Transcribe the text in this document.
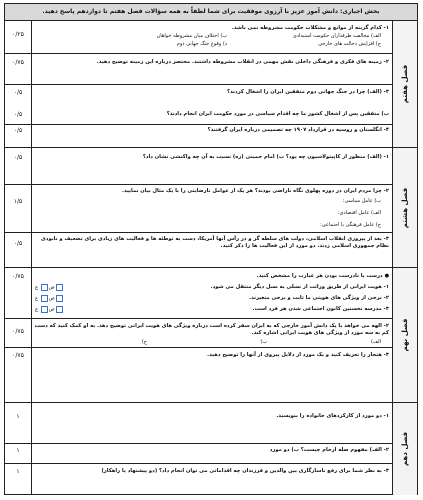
بخش اجباری: دانش آموز عزیز با آرزوی موفقیت برای شما لطفاً به همه سؤالات فصل هفتم تا دوازدهم پاسخ دهید.
فصل هفتم
۱- کدام گزینه از موانع و مشکلات حکومت مشروطه نمی باشد.
الف) مخالفت طرفداران حکومت استبدادی
ب) اختلاف میان مشروطه خواهان
ج) افزایش دخالت های خارجی
د) وقوع جنگ جهانی دوم
۰/۲۵
۲- زمینه های فکری و فرهنگی داخلی نقش مهمی در انقلاب مشروطه داشتند. مختصر درباره این زمینه توضیح دهید.
۰/۷۵
۳- (الف) چرا در جنگ جهانی دوم متفقین ایران را اشغال کردند؟
۰/۵
ب) متفقین پس از اشغال کشور ما چه اقدام سیاسی در مورد حکومت ایران انجام دادند؟
۰/۵
۴- انگلستان و روسیه در قرارداد ۱۹۰۷ چه تصمیمی درباره ایران گرفتند؟
۰/۵
فصل هشتم
۱- (الف) منظور از کاپیتولاسیون چه بود؟ ب) امام خمینی (ره) نسبت به آن چه واکنشی نشان داد؟
۰/۵
۲- چرا مردم ایران در دوره پهلوی نگاه ناراضی بودند؟ هر یک از عوامل نارضایتی را با یک مثال بیان نمایید.
۱/۵	ب) عامل سیاسی:
الف) عامل اقتصادی:
ج) عامل فرهنگی یا اجتماعی:
۳- بعد از پیروزی انقلاب اسلامی، دولت های سلطه گر و در رأس آنها آمریکا، دست به توطئه ها و فعالیت های زیادی برای تضعیف و نابودی نظام جمهوری اسلامی زدند. دو مورد از این فعالیت ها را ذکر کنید.
۰/۵
فصل نهم
● درست یا نادرست بودن هر عبارت را مشخص کنید.
۰/۷۵
۱- هویت ایرانی از طریق وراثت از نسلی به نسل دیگر منتقل می شود.
ص غ
۲- برخی از ویژگی های هویتی ما ثابت و برخی متغیرند.
ص غ
۳- مدرسه نخستین کانون اجتماعی شدن هر فرد است.
ص غ
۲- الهه می خواهد با یک دانش آموز خارجی که به ایران سفر کرده است درباره ویژگی های هویت ایرانی توضیح دهد. به او کمک کنید که دست کم به سه مورد از ویژگی های هویت ایرانی اشاره کند.
۰/۷۵
الف)
ب)
ج)
۳- هنجار را تعریف کنید و یک مورد از دلایل پیروی از آنها را توضیح دهید.
۰/۷۵
فصل دهم
۱- دو مورد از کارکردهای خانواده را بنویسید.
۱
۲- الف) مفهوم صله ارحام چیست؟ ب) دو مورد
۱
۳- به نظر شما برای رفع ناسازگاری بین والدین و فرزندان چه اقداماتی می توان انجام داد؟ (دو پیشنهاد یا راهکار)
۱
